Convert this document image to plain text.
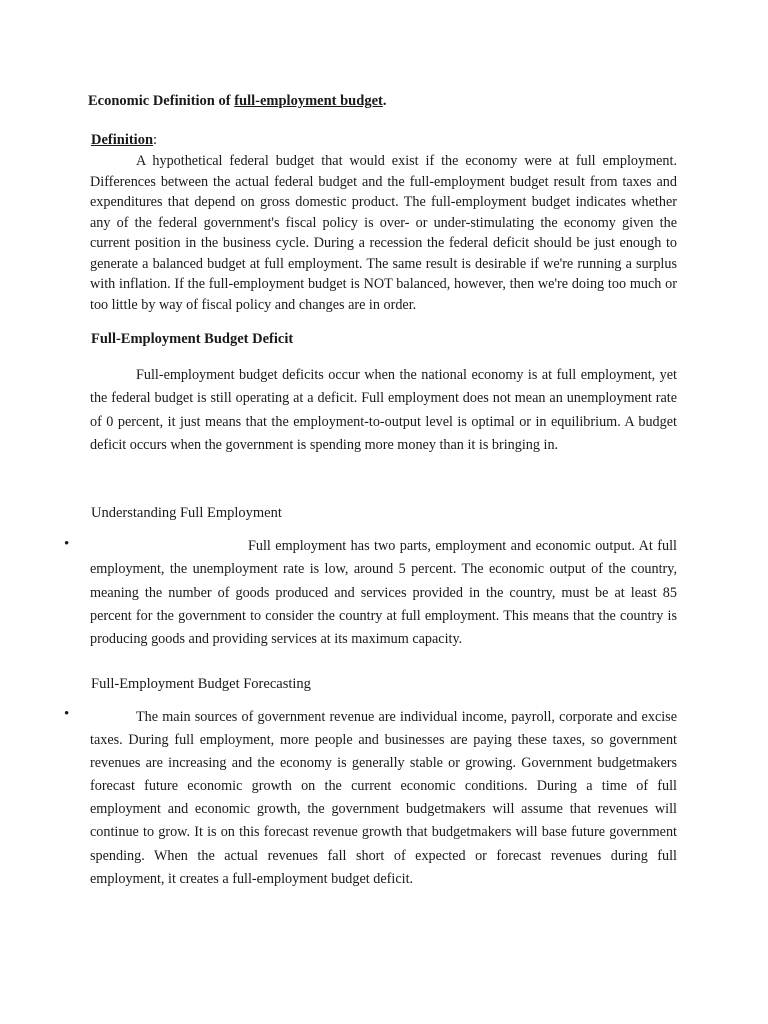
Economic Definition of full-employment budget.
Definition:

A hypothetical federal budget that would exist if the economy were at full employment. Differences between the actual federal budget and the full-employment budget result from taxes and expenditures that depend on gross domestic product. The full-employment budget indicates whether any of the federal government's fiscal policy is over- or under-stimulating the economy given the current position in the business cycle. During a recession the federal deficit should be just enough to generate a balanced budget at full employment. The same result is desirable if we're running a surplus with inflation. If the full-employment budget is NOT balanced, however, then we're doing too much or too little by way of fiscal policy and changes are in order.

Full-Employment Budget Deficit

Full-employment budget deficits occur when the national economy is at full employment, yet the federal budget is still operating at a deficit. Full employment does not mean an unemployment rate of 0 percent, it just means that the employment-to-output level is optimal or in equilibrium. A budget deficit occurs when the government is spending more money than it is bringing in.

Understanding Full Employment
•	Full employment has two parts, employment and economic output. At full employment, the unemployment rate is low, around 5 percent. The economic output of the country, meaning the number of goods produced and services provided in the country, must be at least 85 percent for the government to consider the country at full employment. This means that the country is producing goods and providing services at its maximum capacity.

Full-Employment Budget Forecasting
•	The main sources of government revenue are individual income, payroll, corporate and excise taxes. During full employment, more people and businesses are paying these taxes, so government revenues are increasing and the economy is generally stable or growing. Government budgetmakers forecast future economic growth on the current economic conditions. During a time of full employment and economic growth, the government budgetmakers will assume that revenues will continue to grow. It is on this forecast revenue growth that budgetmakers will base future government spending. When the actual revenues fall short of expected or forecast revenues during full employment, it creates a full-employment budget deficit.
